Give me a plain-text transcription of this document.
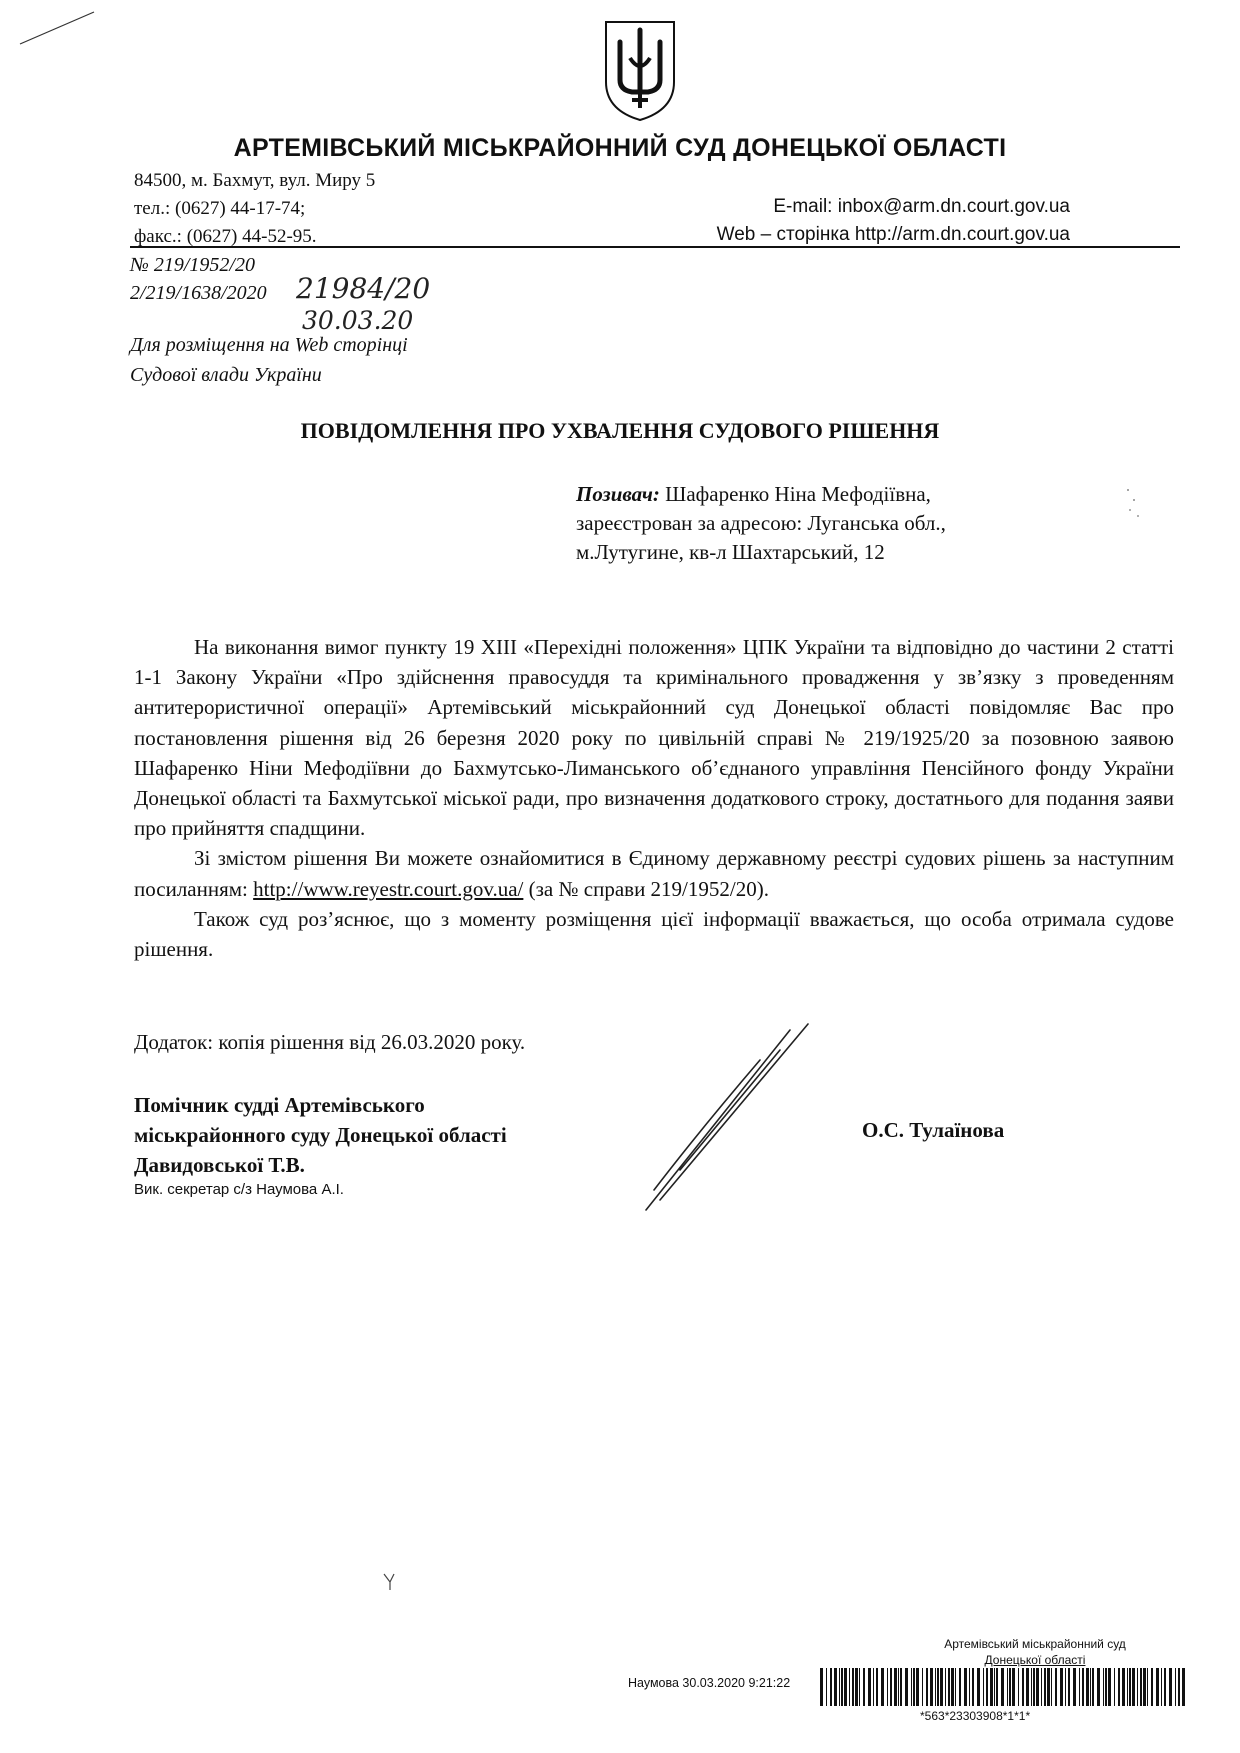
АРТЕМІВСЬКИЙ МІСЬКРАЙОННИЙ СУД ДОНЕЦЬКОЇ ОБЛАСТІ
84500, м. Бахмут, вул. Миру 5
тел.: (0627) 44-17-74;
факс.: (0627) 44-52-95.
E-mail: inbox@arm.dn.court.gov.ua
Web – сторінка http://arm.dn.court.gov.ua
№ 219/1952/20
2/219/1638/2020 21984/20
30.03.20
Для розміщення на Web сторінці
Судової влади України
ПОВІДОМЛЕННЯ ПРО УХВАЛЕННЯ СУДОВОГО РІШЕННЯ
Позивач: Шафаренко Ніна Мефодіївна,
зареєстрован за адресою: Луганська обл.,
м.Лутугине, кв-л Шахтарський, 12

На виконання вимог пункту 19 XIII «Перехідні положення» ЦПК України та відповідно до частини 2 статті 1-1 Закону України «Про здійснення правосуддя та кримінального провадження у зв’язку з проведенням антитерористичної операції» Артемівський міськрайонний суд Донецької області повідомляє Вас про постановлення рішення від 26 березня 2020 року по цивільній справі № 219/1925/20 за позовною заявою Шафаренко Ніни Мефодіївни до Бахмутсько-Лиманського об’єднаного управління Пенсійного фонду України Донецької області та Бахмутської міської ради, про визначення додаткового строку, достатнього для подання заяви про прийняття спадщини.

Зі змістом рішення Ви можете ознайомитися в Єдиному державному реєстрі судових рішень за наступним посиланням: http://www.reyestr.court.gov.ua/ (за № справи 219/1952/20).

Також суд роз’яснює, що з моменту розміщення цієї інформації вважається, що особа отримала судове рішення.

Додаток: копія рішення від 26.03.2020 року.
Помічник судді Артемівського
міськрайонного суду Донецької області
Давидовської Т.В.
Вик. секретар с/з Наумова А.І.
О.С. Тулаїнова
Артемівський міськрайонний суд
Донецької області
Наумова 30.03.2020 9:21:22
*563*23303908*1*1*
